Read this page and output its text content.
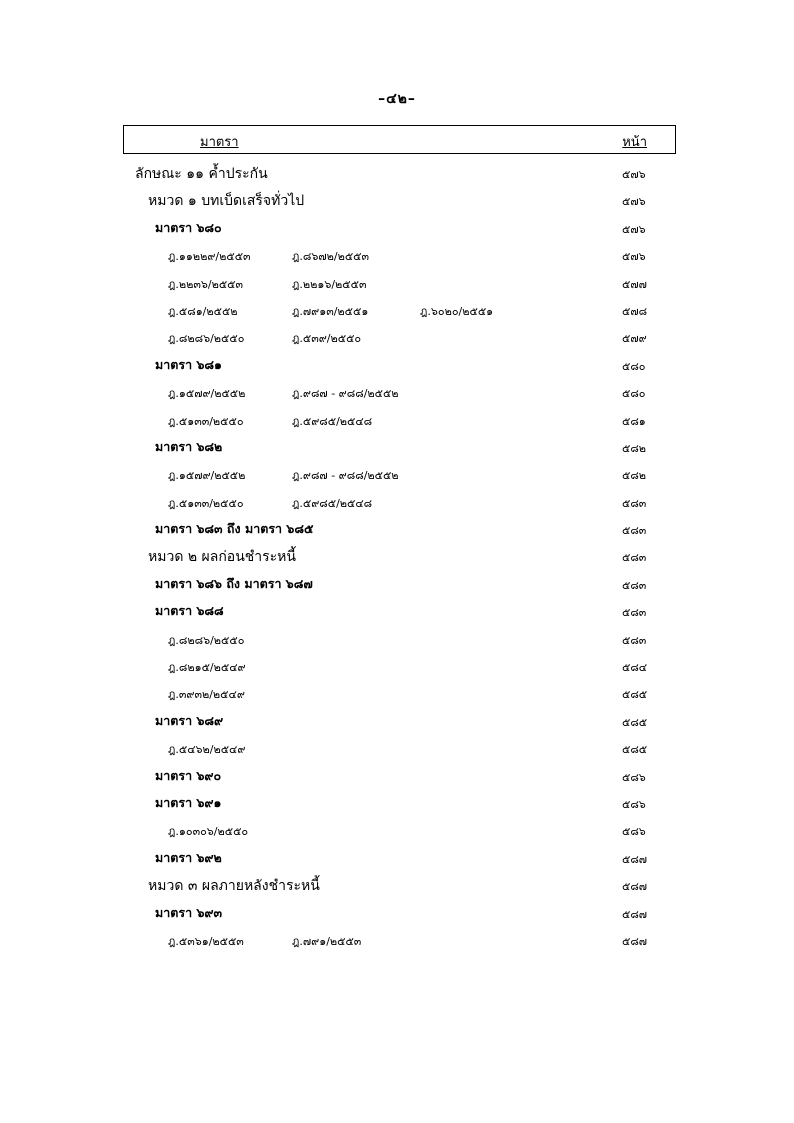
–๔๒–
มาตรา	หน้า
ลักษณะ ๑๑ ค้ำประกัน	๕๗๖
หมวด ๑ บทเบ็ดเสร็จทั่วไป	๕๗๖
มาตรา ๖๘๐	๕๗๖
ฎ.๑๑๒๒๙/๒๕๕๓	ฎ.๘๖๗๒/๒๕๕๓	๕๗๖
ฎ.๒๒๓๖/๒๕๕๓	ฎ.๒๒๑๖/๒๕๕๓	๕๗๗
ฎ.๕๘๑/๒๕๕๒	ฎ.๗๙๑๓/๒๕๕๑	ฎ.๖๐๒๐/๒๕๕๑	๕๗๘
ฎ.๘๒๘๖/๒๕๕๐	ฎ.๕๓๙/๒๕๕๐	๕๗๙
มาตรา ๖๘๑	๕๘๐
ฎ.๑๕๗๙/๒๕๕๒	ฎ.๙๘๗ - ๙๘๘/๒๕๕๒	๕๘๐
ฎ.๕๑๓๓/๒๕๕๐	ฎ.๕๙๘๕/๒๕๔๘	๕๘๑
มาตรา ๖๘๒	๕๘๒
ฎ.๑๕๗๙/๒๕๕๒	ฎ.๙๘๗ - ๙๘๘/๒๕๕๒	๕๘๒
ฎ.๕๑๓๓/๒๕๕๐	ฎ.๕๙๘๕/๒๕๔๘	๕๘๓
มาตรา ๖๘๓ ถึง มาตรา ๖๘๕	๕๘๓
หมวด ๒ ผลก่อนชำระหนี้	๕๘๓
มาตรา ๖๘๖ ถึง มาตรา ๖๘๗	๕๘๓
มาตรา ๖๘๘	๕๘๓
ฎ.๘๒๘๖/๒๕๕๐	๕๘๓
ฎ.๘๒๑๕/๒๕๔๙	๕๘๔
ฎ.๓๙๓๒/๒๕๔๙	๕๘๕
มาตรา ๖๘๙	๕๘๕
ฎ.๕๔๖๒/๒๕๔๙	๕๘๕
มาตรา ๖๙๐	๕๘๖
มาตรา ๖๙๑	๕๘๖
ฎ.๑๐๓๐๖/๒๕๕๐	๕๘๖
มาตรา ๖๙๒	๕๘๗
หมวด ๓ ผลภายหลังชำระหนี้	๕๘๗
มาตรา ๖๙๓	๕๘๗
ฎ.๕๓๖๑/๒๕๕๓	ฎ.๗๙๑/๒๕๕๓	๕๘๗
